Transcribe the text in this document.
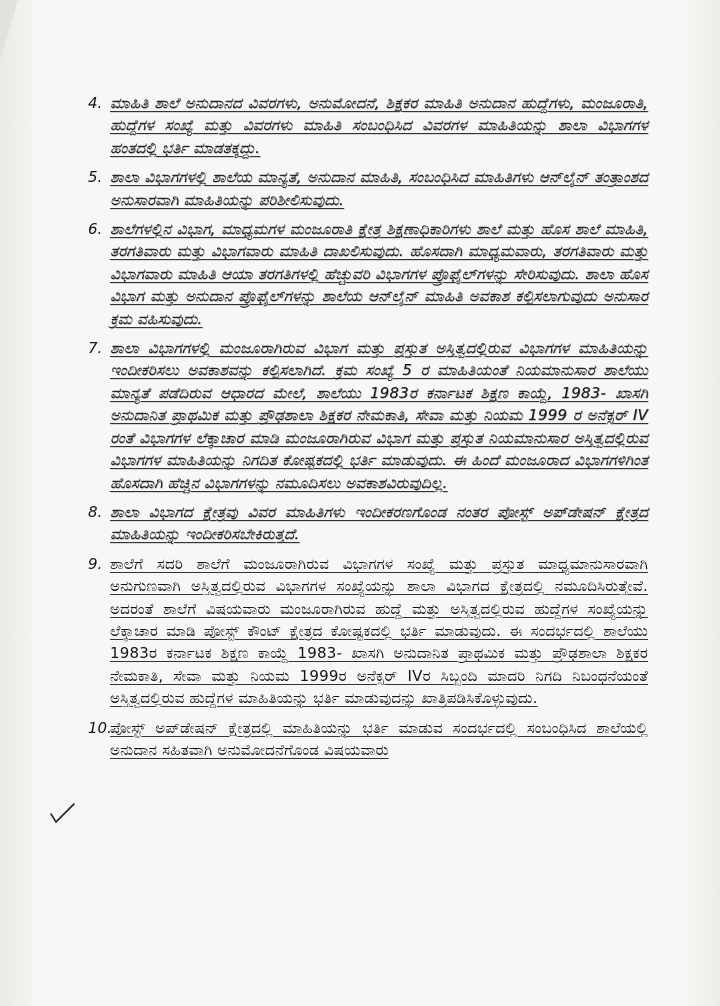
4. ಮಾಹಿತಿ ಶಾಲೆ ಅನುದಾನದ ವಿವರಗಳು, ಅನುಮೋದನೆ, ಶಿಕ್ಷಕರ ಮಾಹಿತಿ ಅನುದಾನ ಹುದ್ದೆಗಳು, ಮಂಜೂರಾತಿ, ಹುದ್ದೆಗಳ ಸಂಖ್ಯೆ ಮತ್ತು ವಿವರಗಳು ಮಾಹಿತಿ ಸಂಬಂಧಿಸಿದ ವಿವರಗಳ ಮಾಹಿತಿಯನ್ನು ಶಾಲಾ ವಿಭಾಗಗಳ ಹಂತದಲ್ಲಿ ಭರ್ತಿ ಮಾಡತಕ್ಕದ್ದು.
5. ಶಾಲಾ ವಿಭಾಗಗಳಲ್ಲಿ ಶಾಲೆಯ ಮಾನ್ಯತೆ, ಅನುದಾನ ಮಾಹಿತಿ, ಸಂಬಂಧಿಸಿದ ಮಾಹಿತಿಗಳು ಆನ್‌ಲೈನ್ ತಂತ್ರಾಂಶದ ಅನುಸಾರವಾಗಿ ಮಾಹಿತಿಯನ್ನು ಪರಿಶೀಲಿಸುವುದು.
6. ಶಾಲೆಗಳಲ್ಲಿನ ವಿಭಾಗ, ಮಾಧ್ಯಮಗಳ ಮಂಜೂರಾತಿ ಕ್ಷೇತ್ರ ಶಿಕ್ಷಣಾಧಿಕಾರಿಗಳು ಶಾಲೆ ಮತ್ತು ಹೊಸ ಶಾಲೆ ಮಾಹಿತಿ, ತರಗತಿವಾರು ಮತ್ತು ವಿಭಾಗವಾರು ಮಾಹಿತಿ ದಾಖಲಿಸುವುದು. ಹೊಸದಾಗಿ ಮಾಧ್ಯಮವಾರು, ತರಗತಿವಾರು ಮತ್ತು ವಿಭಾಗವಾರು ಮಾಹಿತಿ ಆಯಾ ತರಗತಿಗಳಲ್ಲಿ ಹೆಚ್ಚುವರಿ ವಿಭಾಗಗಳ ಪ್ರೊಫೈಲ್‌ಗಳನ್ನು ಸೇರಿಸುವುದು. ಶಾಲಾ ಹೊಸ ವಿಭಾಗ ಮತ್ತು ಅನುದಾನ ಪ್ರೊಫೈಲ್‌ಗಳನ್ನು ಶಾಲೆಯ ಆನ್‌ಲೈನ್ ಮಾಹಿತಿ ಅವಕಾಶ ಕಲ್ಪಿಸಲಾಗುವುದು ಅನುಸಾರ ಕ್ರಮ ವಹಿಸುವುದು.
7. ಶಾಲಾ ವಿಭಾಗಗಳಲ್ಲಿ ಮಂಜೂರಾಗಿರುವ ವಿಭಾಗ ಮತ್ತು ಪ್ರಸ್ತುತ ಅಸ್ತಿತ್ವದಲ್ಲಿರುವ ವಿಭಾಗಗಳ ಮಾಹಿತಿಯನ್ನು ಇಂದೀಕರಿಸಲು ಅವಕಾಶವನ್ನು ಕಲ್ಪಿಸಲಾಗಿದೆ. ಕ್ರಮ ಸಂಖ್ಯೆ 5 ರ ಮಾಹಿತಿಯಂತೆ ನಿಯಮಾನುಸಾರ ಶಾಲೆಯು ಮಾನ್ಯತೆ ಪಡೆದಿರುವ ಆಧಾರದ ಮೇಲೆ, ಶಾಲೆಯು 1983ರ ಕರ್ನಾಟಕ ಶಿಕ್ಷಣ ಕಾಯ್ದೆ, 1983- ಖಾಸಗಿ ಅನುದಾನಿತ ಪ್ರಾಥಮಿಕ ಮತ್ತು ಪ್ರೌಢಶಾಲಾ ಶಿಕ್ಷಕರ ನೇಮಕಾತಿ, ಸೇವಾ ಮತ್ತು ನಿಯಮ 1999 ರ ಅನೆಕ್ಸರ್ IV ರಂತೆ ವಿಭಾಗಗಳ ಲೆಕ್ಕಾಚಾರ ಮಾಡಿ ಮಂಜೂರಾಗಿರುವ ವಿಭಾಗ ಮತ್ತು ಪ್ರಸ್ತುತ ನಿಯಮಾನುಸಾರ ಅಸ್ತಿತ್ವದಲ್ಲಿರುವ ವಿಭಾಗಗಳ ಮಾಹಿತಿಯನ್ನು ನಿಗದಿತ ಕೋಷ್ಟಕದಲ್ಲಿ ಭರ್ತಿ ಮಾಡುವುದು. ಈ ಹಿಂದೆ ಮಂಜೂರಾದ ವಿಭಾಗಗಳಿಗಿಂತ ಹೊಸದಾಗಿ ಹೆಚ್ಚಿನ ವಿಭಾಗಗಳನ್ನು ನಮೂದಿಸಲು ಅವಕಾಶವಿರುವುದಿಲ್ಲ.
8. ಶಾಲಾ ವಿಭಾಗದ ಕ್ಷೇತ್ರವು ವಿವರ ಮಾಹಿತಿಗಳು ಇಂದೀಕರಣಗೊಂಡ ನಂತರ ಪೋಸ್ಟ್ ಅಪ್‌ಡೇಷನ್ ಕ್ಷೇತ್ರದ ಮಾಹಿತಿಯನ್ನು ಇಂದೀಕರಿಸಬೇಕಿರುತ್ತದೆ.
9. ಶಾಲೆಗೆ ಸದರಿ ಶಾಲೆಗೆ ಮಂಜೂರಾಗಿರುವ ವಿಭಾಗಗಳ ಸಂಖ್ಯೆ ಮತ್ತು ಪ್ರಸ್ತುತ ಮಾಧ್ಯಮಾನುಸಾರವಾಗಿ ಅನುಗುಣವಾಗಿ ಅಸ್ತಿತ್ವದಲ್ಲಿರುವ ವಿಭಾಗಗಳ ಸಂಖ್ಯೆಯನ್ನು ಶಾಲಾ ವಿಭಾಗದ ಕ್ಷೇತ್ರದಲ್ಲಿ ನಮೂದಿಸಿರುತ್ತೇವೆ. ಅದರಂತೆ ಶಾಲೆಗೆ ವಿಷಯವಾರು ಮಂಜೂರಾಗಿರುವ ಹುದ್ದೆ ಮತ್ತು ಅಸ್ತಿತ್ವದಲ್ಲಿರುವ ಹುದ್ದೆಗಳ ಸಂಖ್ಯೆಯನ್ನು ಲೆಕ್ಕಾಚಾರ ಮಾಡಿ ಪೋಸ್ಟ್ ಕೌಂಟ್ ಕ್ಷೇತ್ರದ ಕೋಷ್ಟಕದಲ್ಲಿ ಭರ್ತಿ ಮಾಡುವುದು. ಈ ಸಂದರ್ಭದಲ್ಲಿ ಶಾಲೆಯು 1983ರ ಕರ್ನಾಟಕ ಶಿಕ್ಷಣ ಕಾಯ್ದೆ 1983- ಖಾಸಗಿ ಅನುದಾನಿತ ಪ್ರಾಥಮಿಕ ಮತ್ತು ಪ್ರೌಢಶಾಲಾ ಶಿಕ್ಷಕರ ನೇಮಕಾತಿ, ಸೇವಾ ಮತ್ತು ನಿಯಮ 1999ರ ಅನೆಕ್ಸರ್ IVರ ಸಿಬ್ಬಂದಿ ಮಾದರಿ ನಿಗದಿ ನಿಬಂಧನೆಯಂತೆ ಅಸ್ತಿತ್ವದಲ್ಲಿರುವ ಹುದ್ದೆಗಳ ಮಾಹಿತಿಯನ್ನು ಭರ್ತಿ ಮಾಡುವುದನ್ನು ಖಾತ್ರಿಪಡಿಸಿಕೊಳ್ಳುವುದು.
10.
ಪೋಸ್ಟ್ ಅಪ್‌ಡೇಷನ್ ಕ್ಷೇತ್ರದಲ್ಲಿ ಮಾಹಿತಿಯನ್ನು ಭರ್ತಿ ಮಾಡುವ ಸಂದರ್ಭದಲ್ಲಿ ಸಂಬಂಧಿಸಿದ ಶಾಲೆಯಲ್ಲಿ ಅನುದಾನ ಸಹಿತವಾಗಿ ಅನುಮೋದನೆಗೊಂಡ ವಿಷಯವಾರು
